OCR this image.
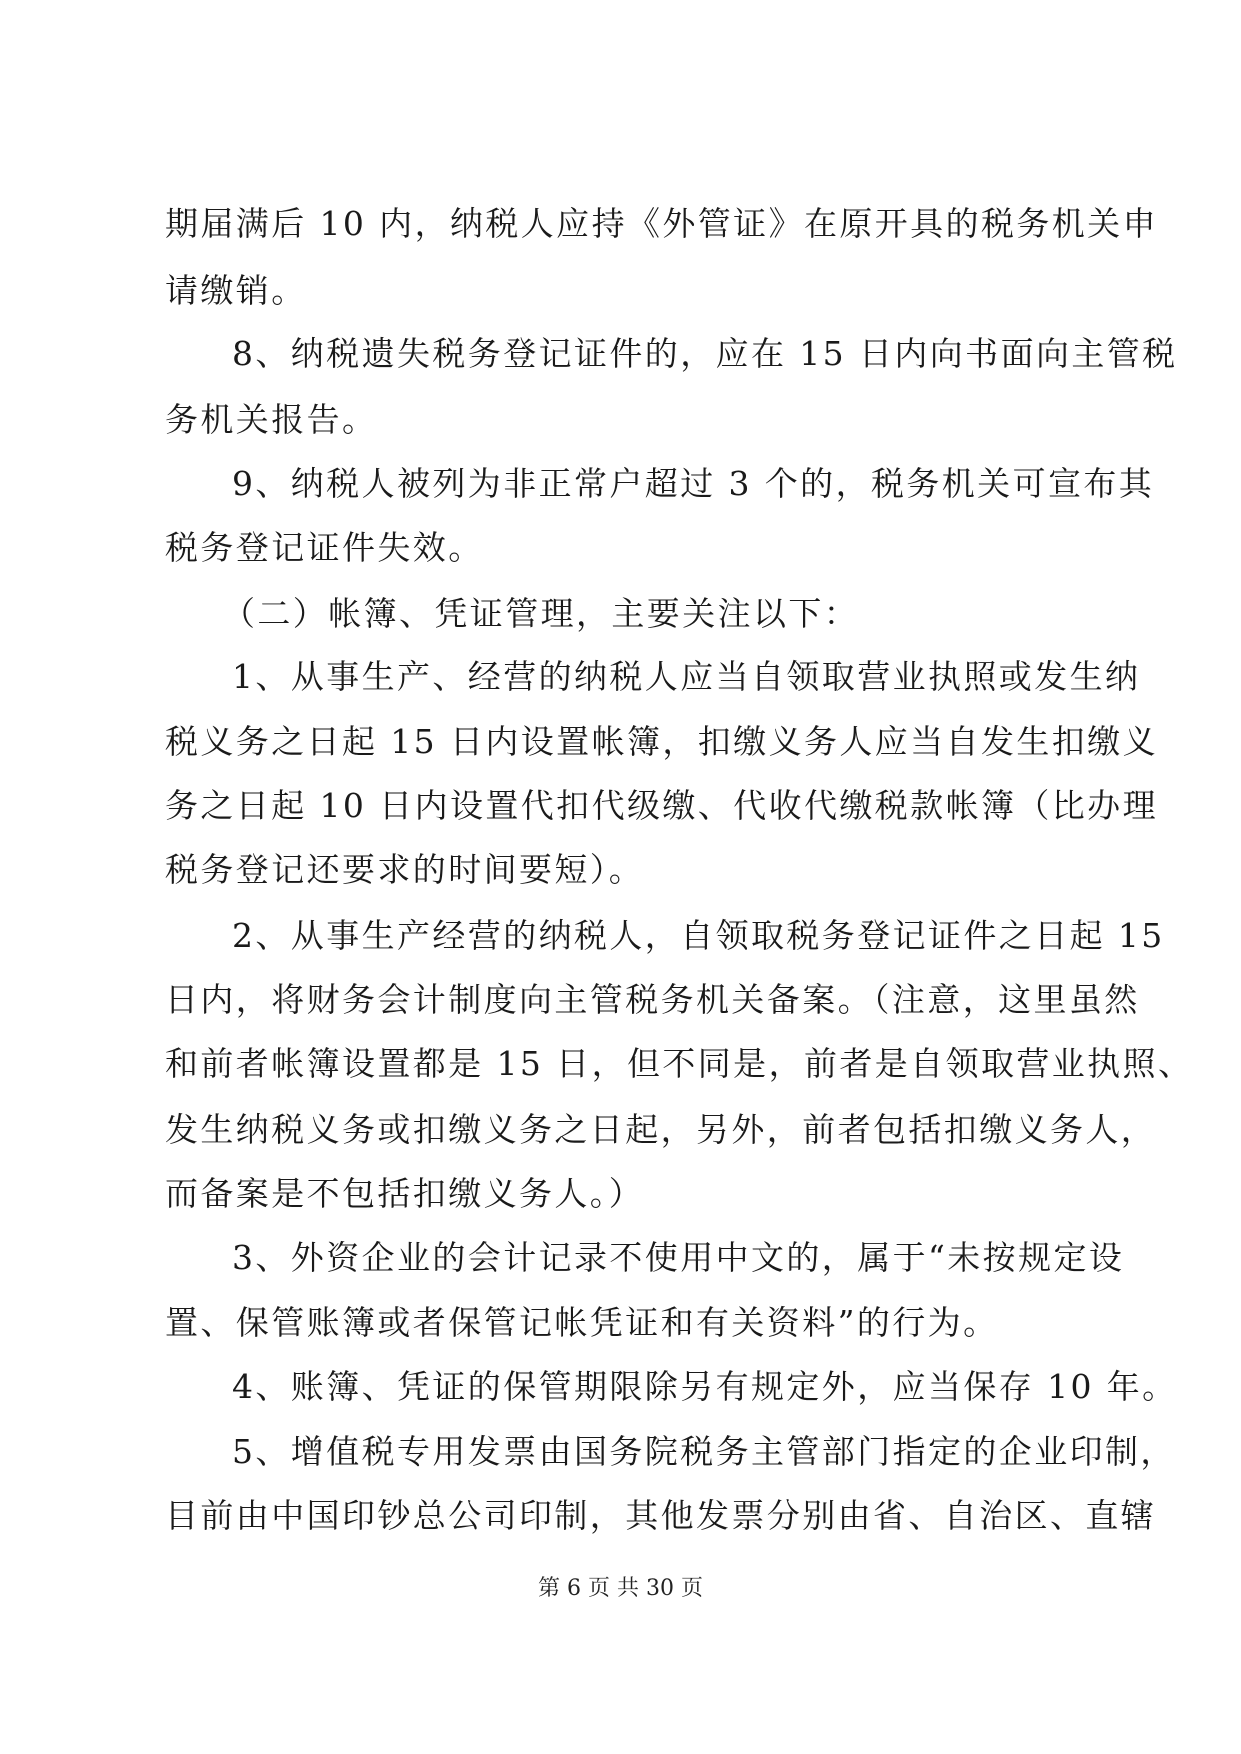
期届满后 10 内，纳税人应持《外管证》在原开具的税务机关申
请缴销。
8、纳税遗失税务登记证件的，应在 15 日内向书面向主管税
务机关报告。
9、纳税人被列为非正常户超过 3 个的，税务机关可宣布其
税务登记证件失效。
（二）帐簿、凭证管理，主要关注以下：
1、从事生产、经营的纳税人应当自领取营业执照或发生纳
税义务之日起 15 日内设置帐簿，扣缴义务人应当自发生扣缴义
务之日起 10 日内设置代扣代级缴、代收代缴税款帐簿（比办理
税务登记还要求的时间要短）。
2、从事生产经营的纳税人，自领取税务登记证件之日起 15
日内，将财务会计制度向主管税务机关备案。（注意，这里虽然
和前者帐簿设置都是 15 日，但不同是，前者是自领取营业执照、
发生纳税义务或扣缴义务之日起，另外，前者包括扣缴义务人，
而备案是不包括扣缴义务人。）
3、外资企业的会计记录不使用中文的，属于“未按规定设
置、保管账簿或者保管记帐凭证和有关资料”的行为。
4、账簿、凭证的保管期限除另有规定外，应当保存 10 年。
5、增值税专用发票由国务院税务主管部门指定的企业印制，
目前由中国印钞总公司印制，其他发票分别由省、自治区、直辖
第 6 页 共 30 页
